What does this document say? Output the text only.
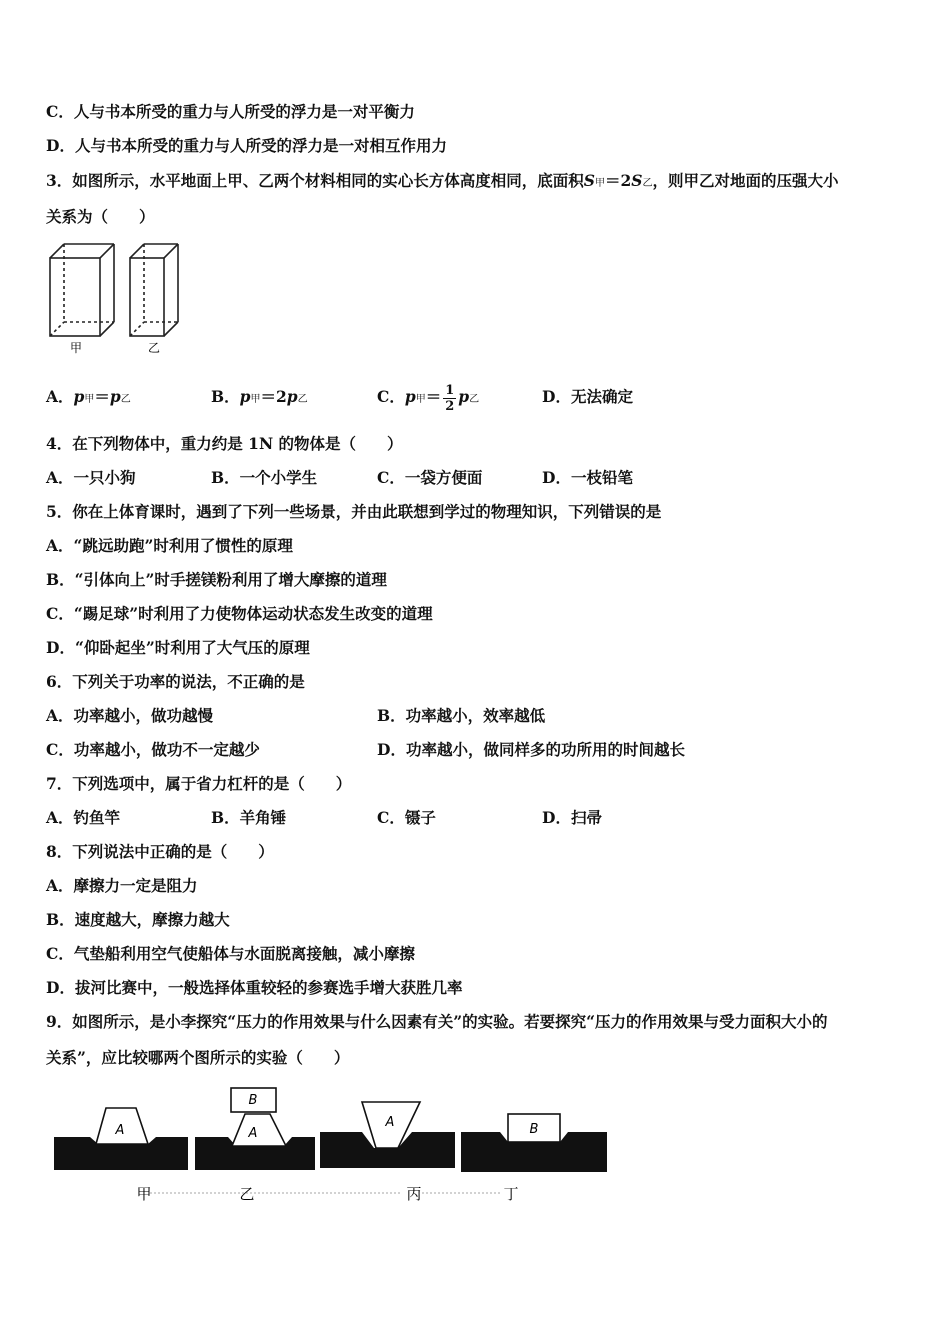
C．人与书本所受的重力与人所受的浮力是一对平衡力
D．人与书本所受的重力与人所受的浮力是一对相互作用力
3．如图所示，水平地面上甲、乙两个材料相同的实心长方体高度相同，底面积S甲＝2S乙，则甲乙对地面的压强大小
关系为（　　）
甲	乙
A．p甲＝p乙	B．p甲＝2p乙	C．p甲＝ $\frac{1}{2}$ p乙	D．无法确定
4．在下列物体中，重力约是 1N 的物体是（　　）
A．一只小狗	B．一个小学生	C．一袋方便面	D．一枝铅笔
5．你在上体育课时，遇到了下列一些场景，并由此联想到学过的物理知识，下列错误的是
A．“跳远助跑”时利用了惯性的原理
B．“引体向上”时手搓镁粉利用了增大摩擦的道理
C．“踢足球”时利用了力使物体运动状态发生改变的道理
D．“仰卧起坐”时利用了大气压的原理
6．下列关于功率的说法，不正确的是
A．功率越小，做功越慢	B．功率越小，效率越低
C．功率越小，做功不一定越少	D．功率越小，做同样多的功所用的时间越长
7．下列选项中，属于省力杠杆的是（　　）
A．钓鱼竿	B．羊角锤	C．镊子	D．扫帚
8．下列说法中正确的是（　　）
A．摩擦力一定是阻力
B．速度越大，摩擦力越大
C．气垫船利用空气使船体与水面脱离接触，减小摩擦
D．拔河比赛中，一般选择体重较轻的参赛选手增大获胜几率
9．如图所示，是小李探究“压力的作用效果与什么因素有关”的实验。若要探究“压力的作用效果与受力面积大小的
关系”，应比较哪两个图所示的实验（　　）
A
B
A
A	B
甲	乙	丙	丁
